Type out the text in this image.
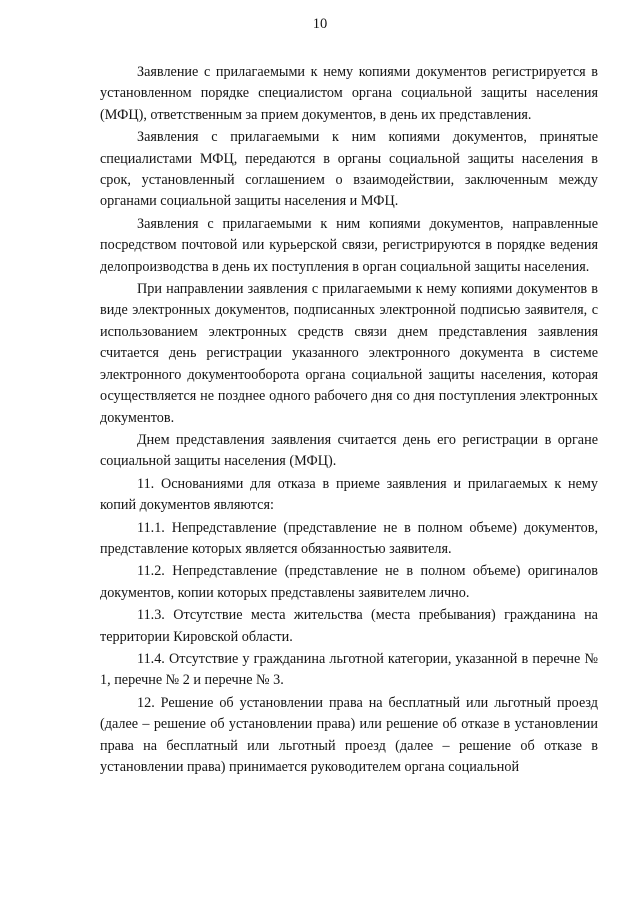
10

Заявление с прилагаемыми к нему копиями документов регистрируется в установленном порядке специалистом органа социальной защиты населения (МФЦ), ответственным за прием документов, в день их представления.

Заявления с прилагаемыми к ним копиями документов, принятые специалистами МФЦ, передаются в органы социальной защиты населения в срок, установленный соглашением о взаимодействии, заключенным между органами социальной защиты населения и МФЦ.

Заявления с прилагаемыми к ним копиями документов, направленные посредством почтовой или курьерской связи, регистрируются в порядке ведения делопроизводства в день их поступления в орган социальной защиты населения.

При направлении заявления с прилагаемыми к нему копиями документов в виде электронных документов, подписанных электронной подписью заявителя, с использованием электронных средств связи днем представления заявления считается день регистрации указанного электронного документа в системе электронного документооборота органа социальной защиты населения, которая осуществляется не позднее одного рабочего дня со дня поступления электронных документов.

Днем представления заявления считается день его регистрации в органе социальной защиты населения (МФЦ).

11. Основаниями для отказа в приеме заявления и прилагаемых к нему копий документов являются:

11.1. Непредставление (представление не в полном объеме) документов, представление которых является обязанностью заявителя.

11.2. Непредставление (представление не в полном объеме) оригиналов документов, копии которых представлены заявителем лично.

11.3. Отсутствие места жительства (места пребывания) гражданина на территории Кировской области.

11.4. Отсутствие у гражданина льготной категории, указанной в перечне № 1, перечне № 2 и перечне № 3.

12. Решение об установлении права на бесплатный или льготный проезд (далее – решение об установлении права) или решение об отказе в установлении права на бесплатный или льготный проезд (далее – решение об отказе в установлении права) принимается руководителем органа социальной
